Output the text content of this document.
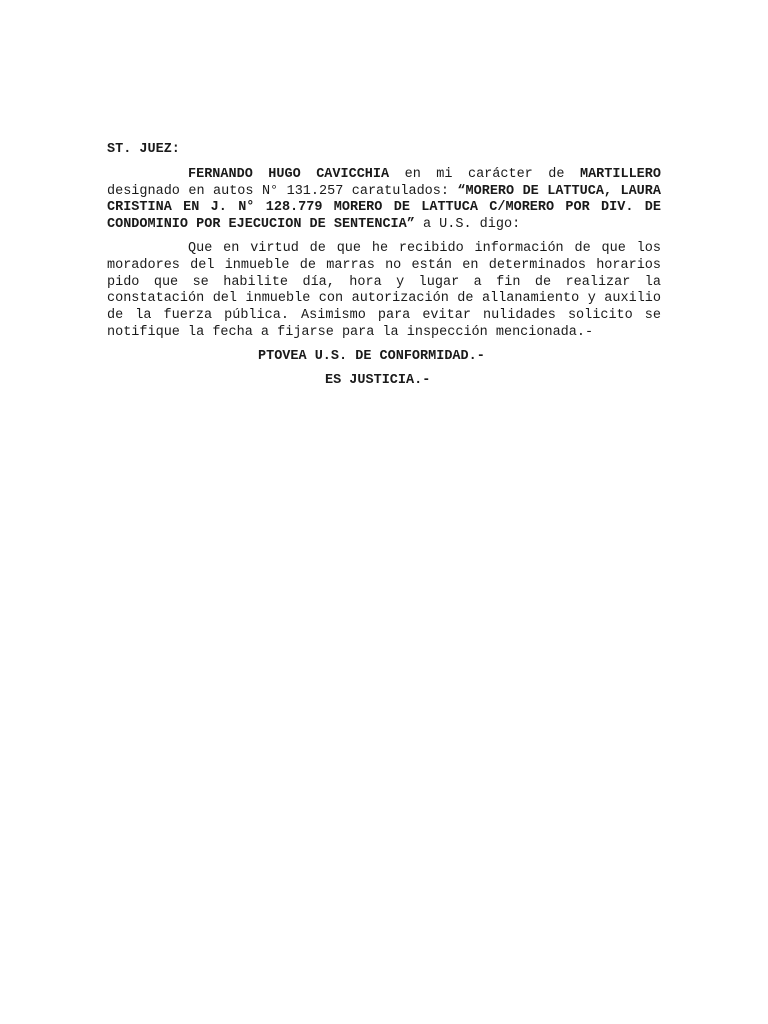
ST. JUEZ:

FERNANDO HUGO CAVICCHIA en mi carácter de MARTILLERO designado en autos N° 131.257 caratulados: “MORERO DE LATTUCA, LAURA CRISTINA EN J. N° 128.779 MORERO DE LATTUCA C/MORERO POR DIV. DE CONDOMINIO POR EJECUCION DE SENTENCIA” a U.S. digo:

Que en virtud de que he recibido información de que los moradores del inmueble de marras no están en determinados horarios pido que se habilite día, hora y lugar a fin de realizar la constatación del inmueble con autorización de allanamiento y auxilio de la fuerza pública. Asimismo para evitar nulidades solicito se notifique la fecha a fijarse para la inspección mencionada.-

PTOVEA U.S. DE CONFORMIDAD.-

ES JUSTICIA.-
